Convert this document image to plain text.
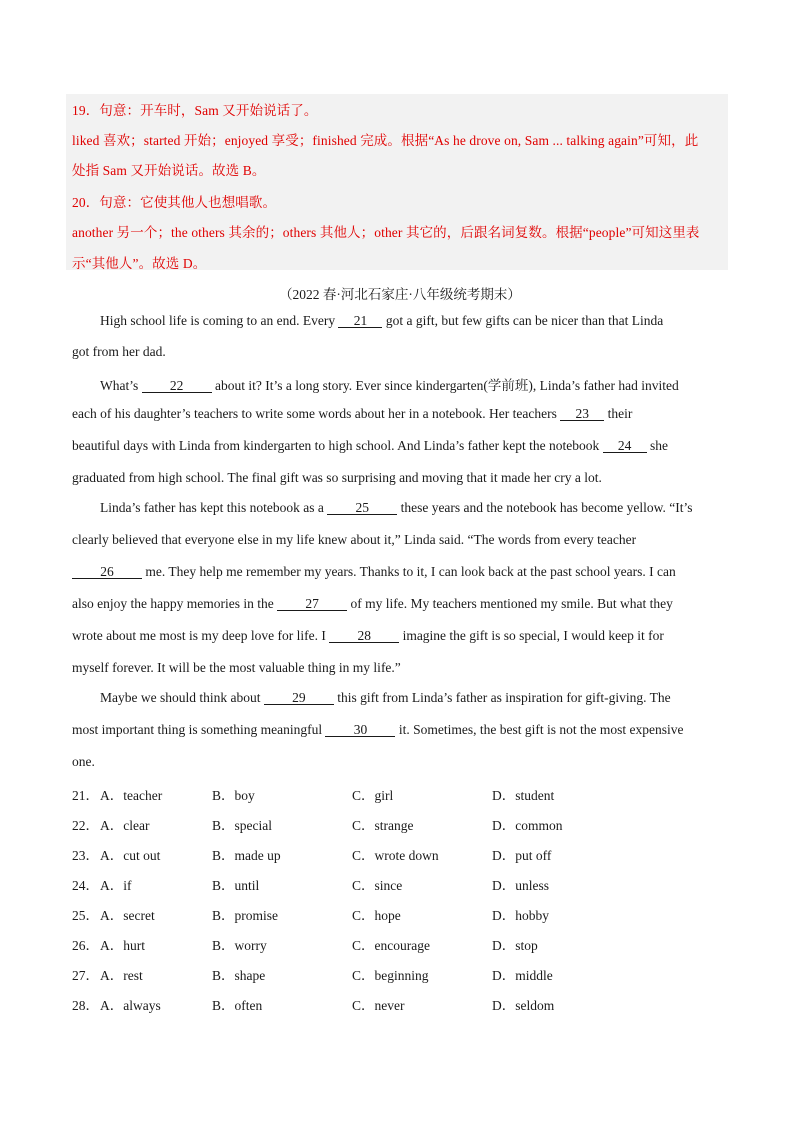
19．句意：开车时，Sam 又开始说话了。
liked 喜欢；started 开始；enjoyed 享受；finished 完成。根据“As he drove on, Sam ... talking again”可知，此
处指 Sam 又开始说话。故选 B。
20．句意：它使其他人也想唱歌。
another 另一个；the others 其余的；others 其他人；other 其它的，后跟名词复数。根据“people”可知这里表
示“其他人”。故选 D。
（2022 春·河北石家庄·八年级统考期末）
High school life is coming to an end. Every 21 got a gift, but few gifts can be nicer than that Linda
got from her dad.
What’s 22 about it? It’s a long story. Ever since kindergarten(学前班), Linda’s father had invited
each of his daughter’s teachers to write some words about her in a notebook. Her teachers 23 their
beautiful days with Linda from kindergarten to high school. And Linda’s father kept the notebook 24 she
graduated from high school. The final gift was so surprising and moving that it made her cry a lot.
Linda’s father has kept this notebook as a 25 these years and the notebook has become yellow. “It’s
clearly believed that everyone else in my life knew about it,” Linda said. “The words from every teacher
26 me. They help me remember my years. Thanks to it, I can look back at the past school years. I can
also enjoy the happy memories in the 27 of my life. My teachers mentioned my smile. But what they
wrote about me most is my deep love for life. I 28 imagine the gift is so special, I would keep it for
myself forever. It will be the most valuable thing in my life.”
Maybe we should think about 29 this gift from Linda’s father as inspiration for gift-giving. The
most important thing is something meaningful 30 it. Sometimes, the best gift is not the most expensive
one.
21． A．teacher	B．boy	C．girl	D．student
22． A．clear	B．special	C．strange	D．common
23． A．cut out	B．made up	C．wrote down	D．put off
24． A．if	B．until	C．since	D．unless
25． A．secret	B．promise	C．hope	D．hobby
26． A．hurt	B．worry	C．encourage	D．stop
27． A．rest	B．shape	C．beginning	D．middle
28． A．always	B．often	C．never	D．seldom
